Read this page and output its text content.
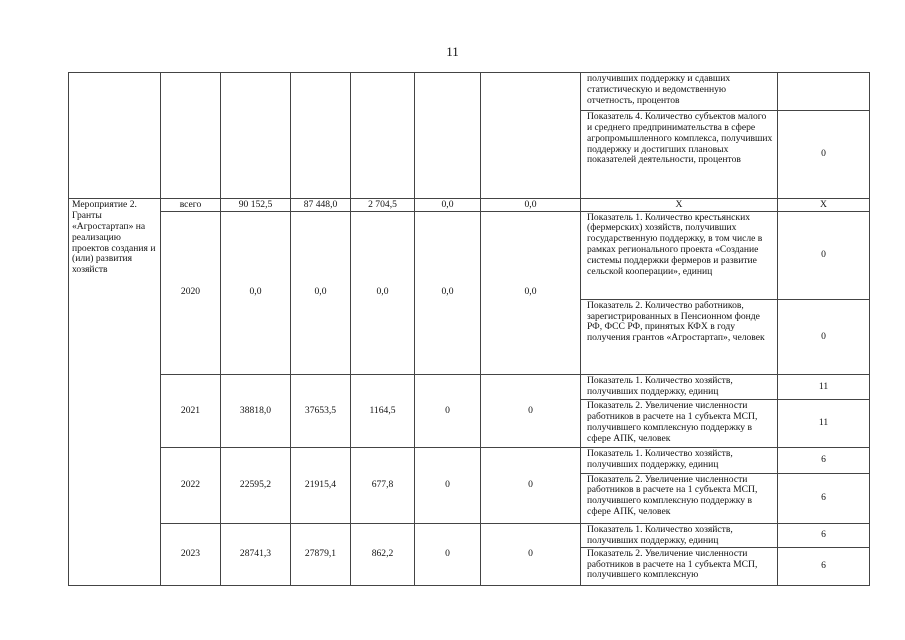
11
							получивших поддержку и сдавших статистическую и ведомственную отчетность, процентов	
							Показатель 4. Количество субъектов малого и среднего предпринимательства в сфере агропромышленного комплекса, получивших поддержку и достигших плановых показателей деятельности, процентов	0
Мероприятие 2. Гранты «Агростартап» на реализацию проектов создания и (или) развития хозяйств	всего	90 152,5	87 448,0	2 704,5	0,0	0,0	Х	Х
	2020	0,0	0,0	0,0	0,0	0,0	Показатель 1. Количество крестьянских (фермерских) хозяйств, получивших государственную поддержку, в том числе в рамках регионального проекта «Создание системы поддержки фермеров и развитие сельской кооперации», единиц	0
							Показатель 2. Количество работников, зарегистрированных в Пенсионном фонде РФ, ФСС РФ, принятых КФХ в году получения грантов «Агростартап», человек	0
	2021	38818,0	37653,5	1164,5	0	0	Показатель 1. Количество хозяйств, получивших поддержку, единиц	11
							Показатель 2. Увеличение численности работников в расчете на 1 субъекта МСП, получившего комплексную поддержку в сфере АПК, человек	11
	2022	22595,2	21915,4	677,8	0	0	Показатель 1. Количество хозяйств, получивших поддержку, единиц	6
							Показатель 2. Увеличение численности работников в расчете на 1 субъекта МСП, получившего комплексную поддержку в сфере АПК, человек	6
	2023	28741,3	27879,1	862,2	0	0	Показатель 1. Количество хозяйств, получивших поддержку, единиц	6
							Показатель 2. Увеличение численности работников в расчете на 1 субъекта МСП, получившего комплексную	6
